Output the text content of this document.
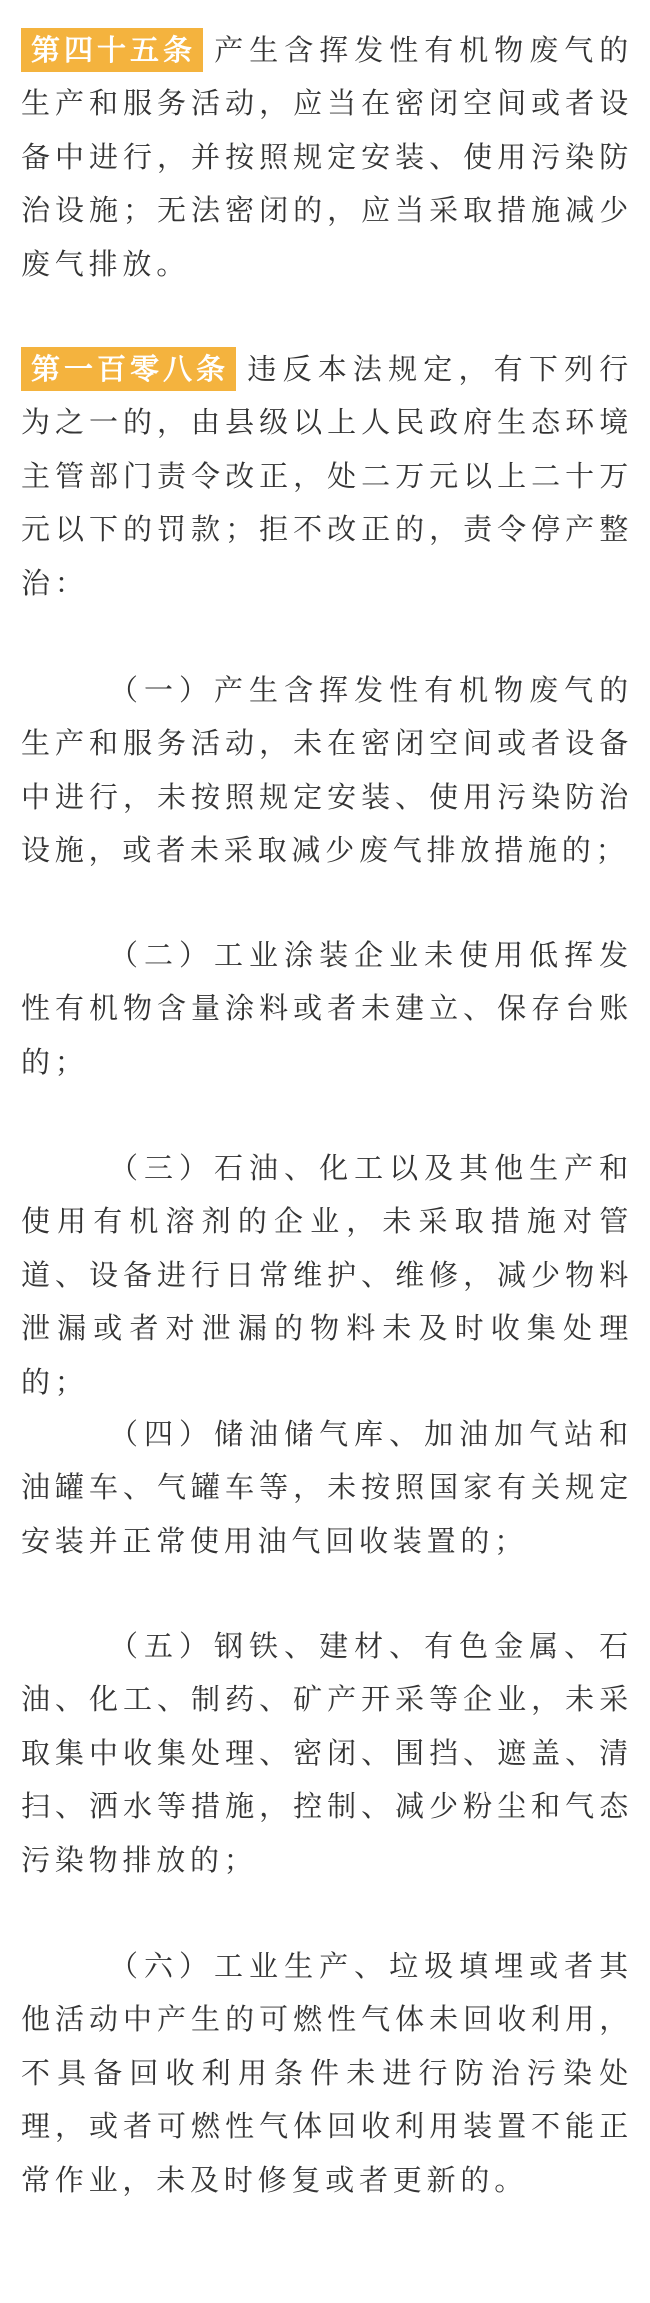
第四十五条 产生含挥发性有机物废气的生产和服务活动，应当在密闭空间或者设备中进行，并按照规定安装、使用污染防治设施；无法密闭的，应当采取措施减少废气排放。

第一百零八条 违反本法规定，有下列行为之一的，由县级以上人民政府生态环境主管部门责令改正，处二万元以上二十万元以下的罚款；拒不改正的，责令停产整治：

（一）产生含挥发性有机物废气的生产和服务活动，未在密闭空间或者设备中进行，未按照规定安装、使用污染防治设施，或者未采取减少废气排放措施的；

（二）工业涂装企业未使用低挥发性有机物含量涂料或者未建立、保存台账的；

（三）石油、化工以及其他生产和使用有机溶剂的企业，未采取措施对管道、设备进行日常维护、维修，减少物料泄漏或者对泄漏的物料未及时收集处理的；

（四）储油储气库、加油加气站和油罐车、气罐车等，未按照国家有关规定安装并正常使用油气回收装置的；

（五）钢铁、建材、有色金属、石油、化工、制药、矿产开采等企业，未采取集中收集处理、密闭、围挡、遮盖、清扫、洒水等措施，控制、减少粉尘和气态污染物排放的；

（六）工业生产、垃圾填埋或者其他活动中产生的可燃性气体未回收利用，不具备回收利用条件未进行防治污染处理，或者可燃性气体回收利用装置不能正常作业，未及时修复或者更新的。
